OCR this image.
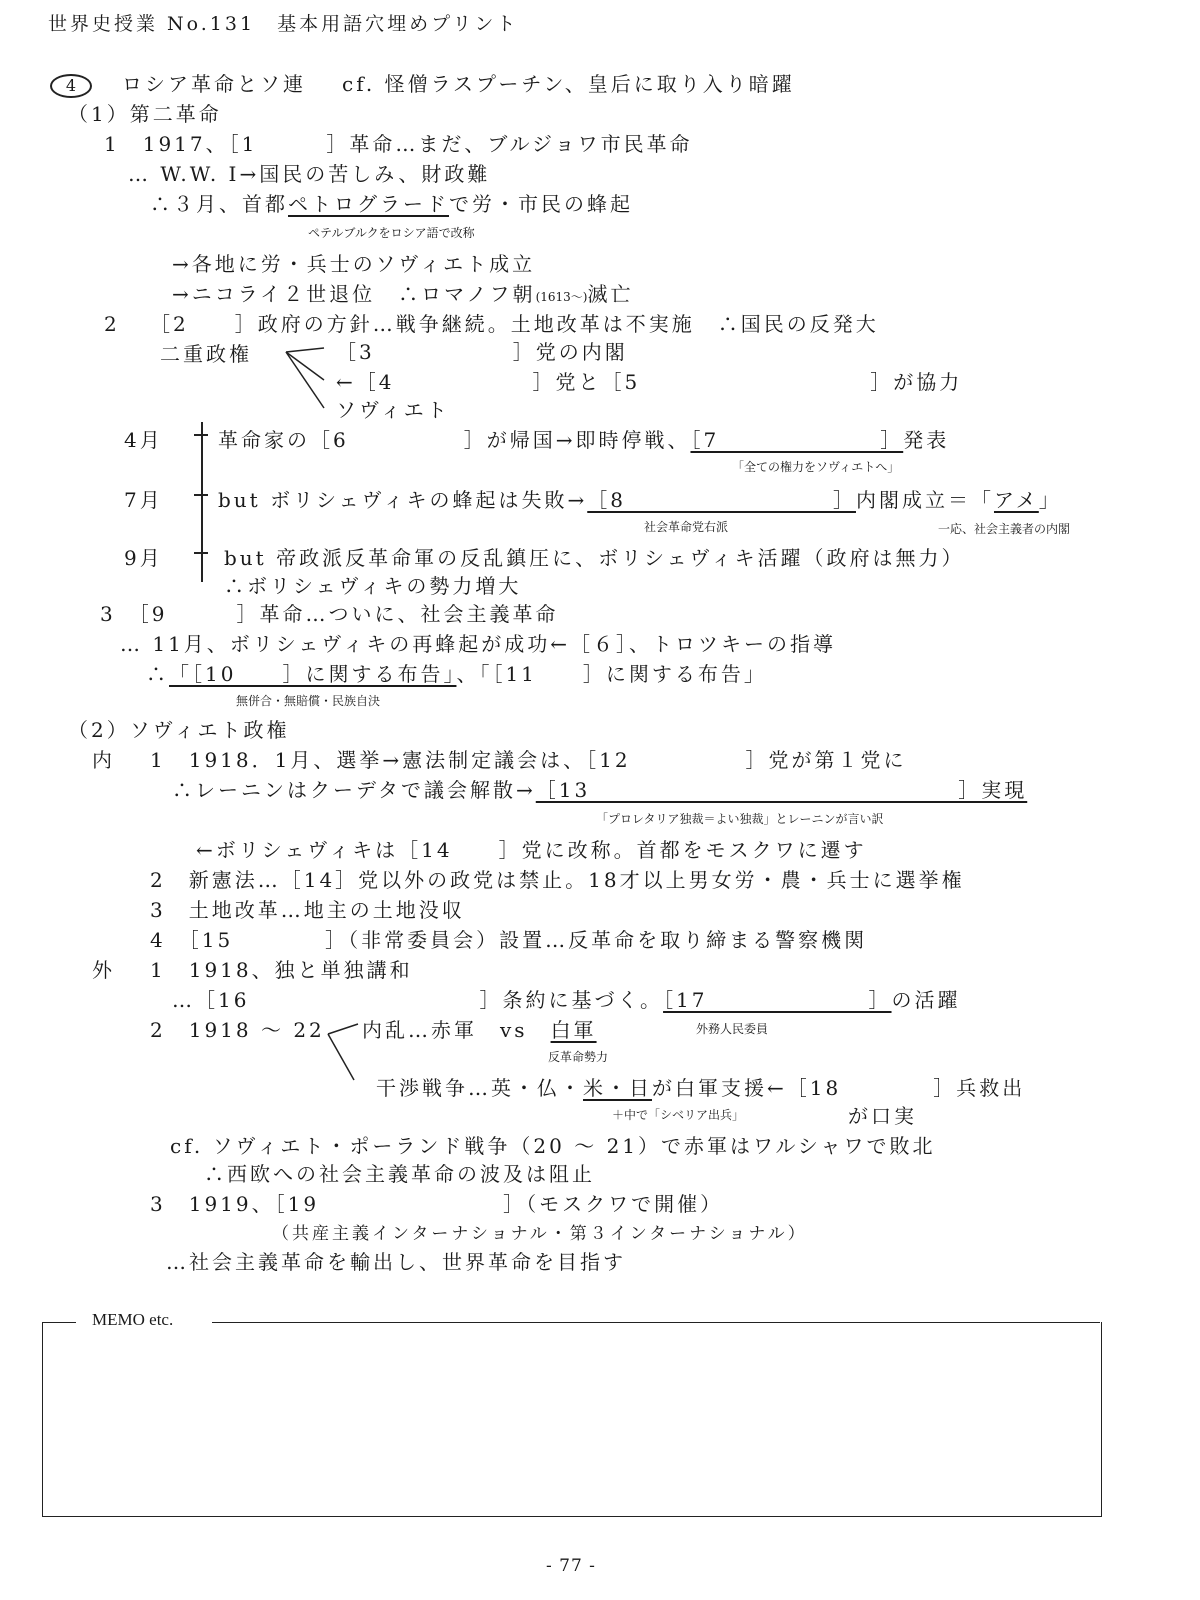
世界史授業 No.131　基本用語穴埋めプリント
4 ロシア革命とソ連 cf. 怪僧ラスプーチン、皇后に取り入り暗躍
（1）第二革命
1　1917、［1　　　］革命…まだ、ブルジョワ市民革命
… W.W. Ⅰ→国民の苦しみ、財政難
∴３月、首都ペトログラードで労・市民の蜂起
ペテルブルクをロシア語で改称
→各地に労・兵士のソヴィエト成立
→ニコライ２世退位　∴ロマノフ朝(1613～)滅亡
2 ［2　　］政府の方針…戦争継続。土地改革は不実施　∴国民の反発大
二重政権	［3　　　　　　］党の内閣
←［4　　　　　　］党と［5　　　　　　　　　　］が協力
ソヴィエト
4月	革命家の［6　　　　　］が帰国→即時停戦、［7　　　　　　　］発表
「全ての権力をソヴィエトへ」
7月	but ボリシェヴィキの蜂起は失敗→［8　　　　　　　　　］内閣成立＝「アメ」
社会革命党右派	一応、社会主義者の内閣
9月	but 帝政派反革命軍の反乱鎮圧に、ボリシェヴィキ活躍（政府は無力）
∴ボリシェヴィキの勢力増大
3　［9　　　］革命…ついに、社会主義革命
… 11月、ボリシェヴィキの再蜂起が成功←［６］、トロツキーの指導
∴「［10　　］に関する布告」、「［11　　］に関する布告」
無併合・無賠償・民族自決
（2）ソヴィエト政権
内 1　1918．1月、選挙→憲法制定議会は、［12　　　　　］党が第１党に
∴レーニンはクーデタで議会解散→［13　　　　　　　　　　　　　　　　］実現
「プロレタリア独裁＝よい独裁」とレーニンが言い訳
←ボリシェヴィキは［14　　］党に改称。首都をモスクワに遷す
2　新憲法…［14］党以外の政党は禁止。18才以上男女労・農・兵士に選挙権
3　土地改革…地主の土地没収
4　［15　　　　］（非常委員会）設置…反革命を取り締まる警察機関
外 1　1918、独と単独講和
…［16　　　　　　　　　　］条約に基づく。［17　　　　　　　］の活躍
外務人民委員
2　1918 ～ 22 内乱…赤軍　vs　白軍
反革命勢力
干渉戦争…英・仏・米・日が白軍支援←［18　　　　］兵救出
＋中で「シベリア出兵」	が口実
cf. ソヴィエト・ポーランド戦争（20 ～ 21）で赤軍はワルシャワで敗北
∴西欧への社会主義革命の波及は阻止
3　1919、［19　　　　　　　　］（モスクワで開催）
（共産主義インターナショナル・第３インターナショナル）
…社会主義革命を輸出し、世界革命を目指す
MEMO etc.
- 77 -
